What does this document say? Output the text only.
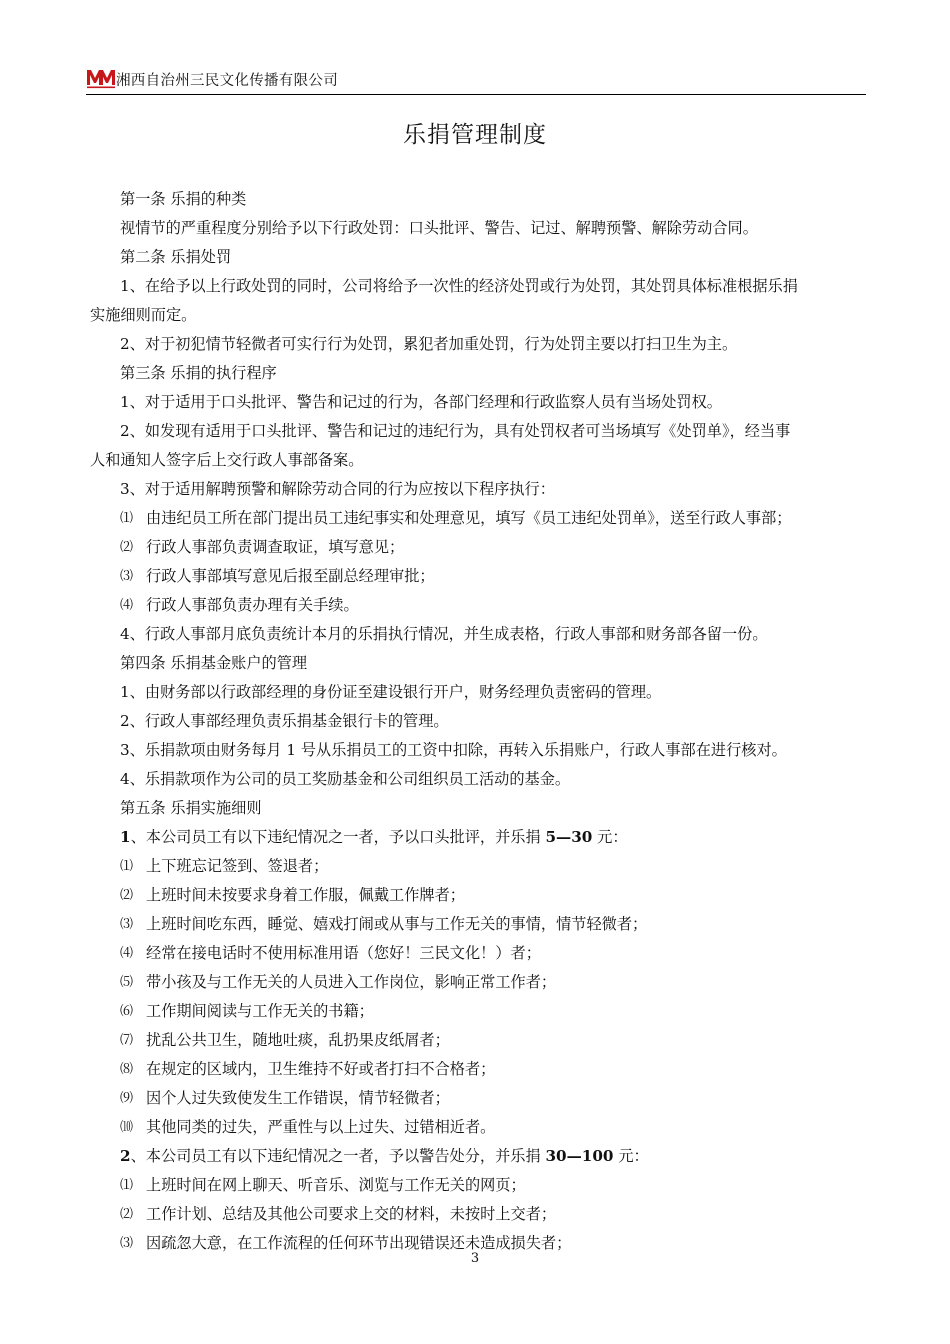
湘西自治州三民文化传播有限公司
乐捐管理制度

第一条 乐捐的种类

视情节的严重程度分别给予以下行政处罚：口头批评、警告、记过、解聘预警、解除劳动合同。

第二条 乐捐处罚

1、在给予以上行政处罚的同时，公司将给予一次性的经济处罚或行为处罚，其处罚具体标准根据乐捐

实施细则而定。

2、对于初犯情节轻微者可实行行为处罚，累犯者加重处罚，行为处罚主要以打扫卫生为主。

第三条 乐捐的执行程序

1、对于适用于口头批评、警告和记过的行为，各部门经理和行政监察人员有当场处罚权。

2、如发现有适用于口头批评、警告和记过的违纪行为，具有处罚权者可当场填写《处罚单》，经当事

人和通知人签字后上交行政人事部备案。

3、对于适用解聘预警和解除劳动合同的行为应按以下程序执行：

⑴ 由违纪员工所在部门提出员工违纪事实和处理意见，填写《员工违纪处罚单》，送至行政人事部；
⑵ 行政人事部负责调查取证，填写意见；
⑶ 行政人事部填写意见后报至副总经理审批；
⑷ 行政人事部负责办理有关手续。

4、行政人事部月底负责统计本月的乐捐执行情况，并生成表格，行政人事部和财务部各留一份。

第四条 乐捐基金账户的管理

1、由财务部以行政部经理的身份证至建设银行开户，财务经理负责密码的管理。

2、行政人事部经理负责乐捐基金银行卡的管理。

3、乐捐款项由财务每月 1 号从乐捐员工的工资中扣除，再转入乐捐账户，行政人事部在进行核对。

4、乐捐款项作为公司的员工奖励基金和公司组织员工活动的基金。

第五条 乐捐实施细则

1、本公司员工有以下违纪情况之一者，予以口头批评，并乐捐 5—30 元：

⑴ 上下班忘记签到、签退者；
⑵ 上班时间未按要求身着工作服，佩戴工作牌者；
⑶ 上班时间吃东西，睡觉、嬉戏打闹或从事与工作无关的事情，情节轻微者；
⑷ 经常在接电话时不使用标准用语（您好！三民文化！）者；
⑸ 带小孩及与工作无关的人员进入工作岗位，影响正常工作者；
⑹ 工作期间阅读与工作无关的书籍；
⑺ 扰乱公共卫生，随地吐痰，乱扔果皮纸屑者；
⑻ 在规定的区域内，卫生维持不好或者打扫不合格者；
⑼ 因个人过失致使发生工作错误，情节轻微者；
⑽ 其他同类的过失，严重性与以上过失、过错相近者。

2、本公司员工有以下违纪情况之一者，予以警告处分，并乐捐 30—100 元：

⑴ 上班时间在网上聊天、听音乐、浏览与工作无关的网页；
⑵ 工作计划、总结及其他公司要求上交的材料，未按时上交者；
⑶ 因疏忽大意，在工作流程的任何环节出现错误还未造成损失者；
3
